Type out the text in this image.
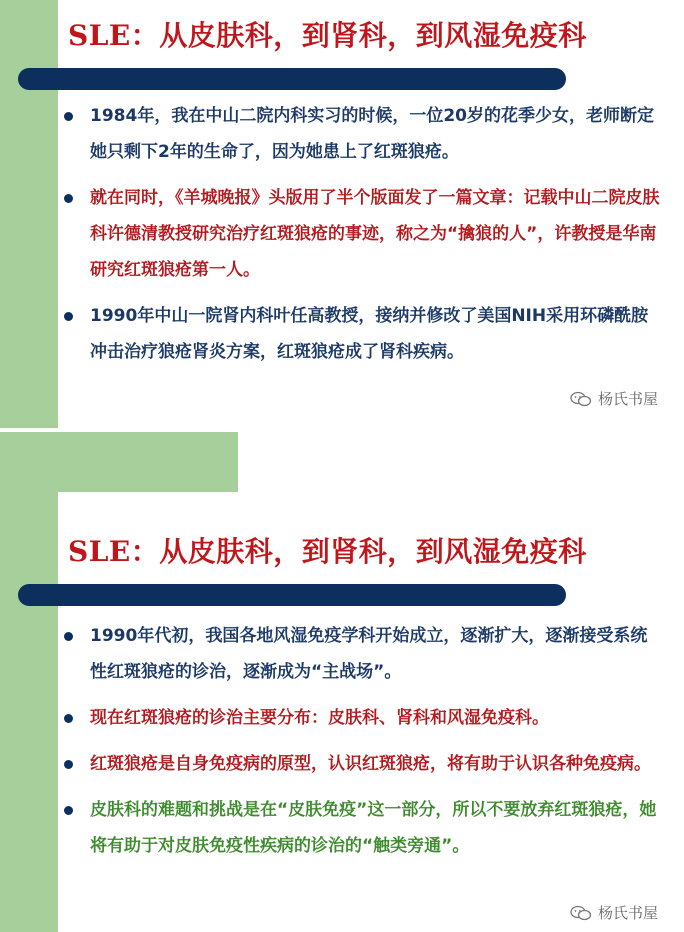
SLE：从皮肤科，到肾科，到风湿免疫科
1984年，我在中山二院内科实习的时候，一位20岁的花季少女，老师断定她只剩下2年的生命了，因为她患上了红斑狼疮。
就在同时，《羊城晚报》头版用了半个版面发了一篇文章：记载中山二院皮肤科许德清教授研究治疗红斑狼疮的事迹，称之为“擒狼的人”，许教授是华南研究红斑狼疮第一人。
1990年中山一院肾内科叶任高教授，接纳并修改了美国NIH采用环磷酰胺冲击治疗狼疮肾炎方案，红斑狼疮成了肾科疾病。
杨氏书屋
SLE：从皮肤科，到肾科，到风湿免疫科
1990年代初，我国各地风湿免疫学科开始成立，逐渐扩大，逐渐接受系统性红斑狼疮的诊治，逐渐成为“主战场”。
现在红斑狼疮的诊治主要分布：皮肤科、肾科和风湿免疫科。
红斑狼疮是自身免疫病的原型，认识红斑狼疮，将有助于认识各种免疫病。
皮肤科的难题和挑战是在“皮肤免疫”这一部分，所以不要放弃红斑狼疮，她将有助于对皮肤免疫性疾病的诊治的“触类旁通”。
杨氏书屋
